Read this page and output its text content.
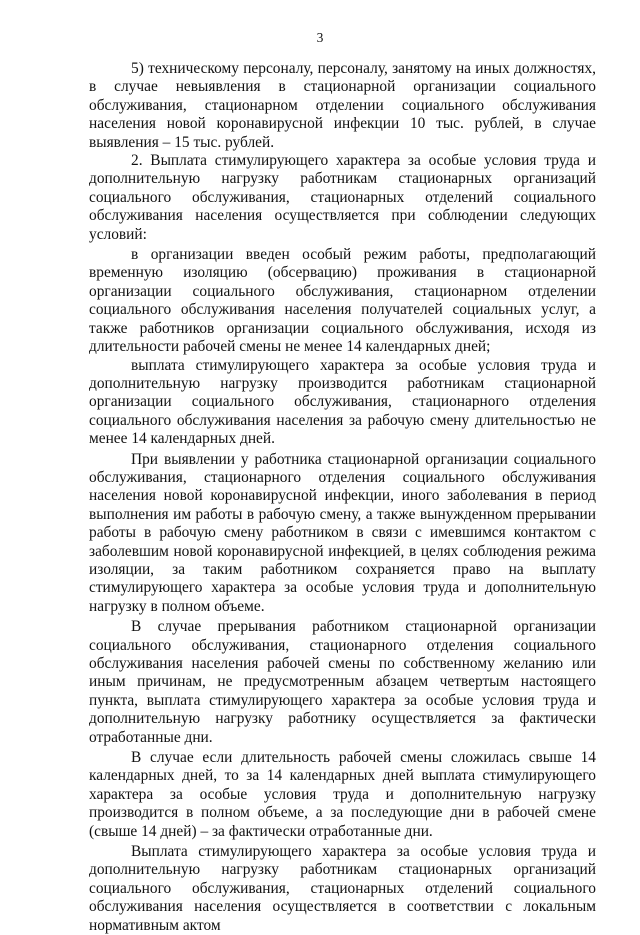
3

5) техническому персоналу, персоналу, занятому на иных должностях, в случае невыявления в стационарной организации социального обслуживания, стационарном отделении социального обслуживания населения новой коронавирусной инфекции 10 тыс. рублей, в случае выявления – 15 тыс. рублей.

2. Выплата стимулирующего характера за особые условия труда и дополнительную нагрузку работникам стационарных организаций социального обслуживания, стационарных отделений социального обслуживания населения осуществляется при соблюдении следующих условий:

в организации введен особый режим работы, предполагающий временную изоляцию (обсервацию) проживания в стационарной организации социального обслуживания, стационарном отделении социального обслуживания населения получателей социальных услуг, а также работников организации социального обслуживания, исходя из длительности рабочей смены не менее 14 календарных дней;

выплата стимулирующего характера за особые условия труда и дополнительную нагрузку производится работникам стационарной организации социального обслуживания, стационарного отделения социального обслуживания населения за рабочую смену длительностью не менее 14 календарных дней.

При выявлении у работника стационарной организации социального обслуживания, стационарного отделения социального обслуживания населения новой коронавирусной инфекции, иного заболевания в период выполнения им работы в рабочую смену, а также вынужденном прерывании работы в рабочую смену работником в связи с имевшимся контактом с заболевшим новой коронавирусной инфекцией, в целях соблюдения режима изоляции, за таким работником сохраняется право на выплату стимулирующего характера за особые условия труда и дополнительную нагрузку в полном объеме.

В случае прерывания работником стационарной организации социального обслуживания, стационарного отделения социального обслуживания населения рабочей смены по собственному желанию или иным причинам, не предусмотренным абзацем четвертым настоящего пункта, выплата стимулирующего характера за особые условия труда и дополнительную нагрузку работнику осуществляется за фактически отработанные дни.

В случае если длительность рабочей смены сложилась свыше 14 календарных дней, то за 14 календарных дней выплата стимулирующего характера за особые условия труда и дополнительную нагрузку производится в полном объеме, а за последующие дни в рабочей смене (свыше 14 дней) – за фактически отработанные дни.

Выплата стимулирующего характера за особые условия труда и дополнительную нагрузку работникам стационарных организаций социального обслуживания, стационарных отделений социального обслуживания населения осуществляется в соответствии с локальным нормативным актом
